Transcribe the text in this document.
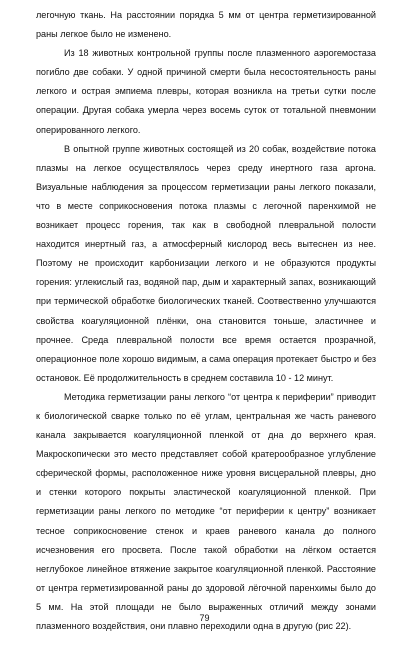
легочную ткань. На расстоянии порядка 5 мм от центра герметизированной раны легкое было не изменено.

Из 18 животных контрольной группы после плазменного аэрогемостаза погибло две собаки. У одной причиной смерти была несостоятельность раны легкого и острая эмпиема плевры, которая возникла на третьи сутки после операции. Другая собака умерла через восемь суток от тотальной пневмонии оперированного легкого.

В опытной группе животных состоящей из 20 собак, воздействие потока плазмы на легкое осуществлялось через среду инертного газа аргона. Визуальные наблюдения за процессом герметизации раны легкого показали, что в месте соприкосновения потока плазмы с легочной паренхимой не возникает процесс горения, так как в свободной плевральной полости находится инертный газ, а атмосферный кислород весь вытеснен из нее. Поэтому не происходит карбонизации легкого и не образуются продукты горения: углекислый газ, водяной пар, дым и характерный запах, возникающий при термической обработке биологических тканей. Соотвественно улучшаются свойства коагуляционной плёнки, она становится тоньше, эластичнее и прочнее. Среда плевральной полости все время остается прозрачной, операционное поле хорошо видимым, а сама операция протекает быстро и без остановок. Её продолжительность в среднем составила 10 - 12 минут.

Методика герметизации раны легкого “от центра к периферии” приводит к биологической сварке только по её углам, центральная же часть раневого канала закрывается коагуляционной пленкой от дна до верхнего края. Макроскопически это место представляет собой кратерообразное углубление сферической формы, расположенное ниже уровня висцеральной плевры, дно и стенки которого покрыты эластической коагуляционной пленкой. При герметизации раны легкого по методике “от периферии к центру” возникает тесное соприкосновение стенок и краев раневого канала до полного исчезновения его просвета. После такой обработки на лёгком остается неглубокое линейное втяжение закрытое коагуляционной пленкой. Расстояние от центра герметизированной раны до здоровой лёгочной паренхимы было до 5 мм. На этой площади не было выраженных отличий между зонами плазменного воздействия, они плавно переходили одна в другую (рис 22).

79
